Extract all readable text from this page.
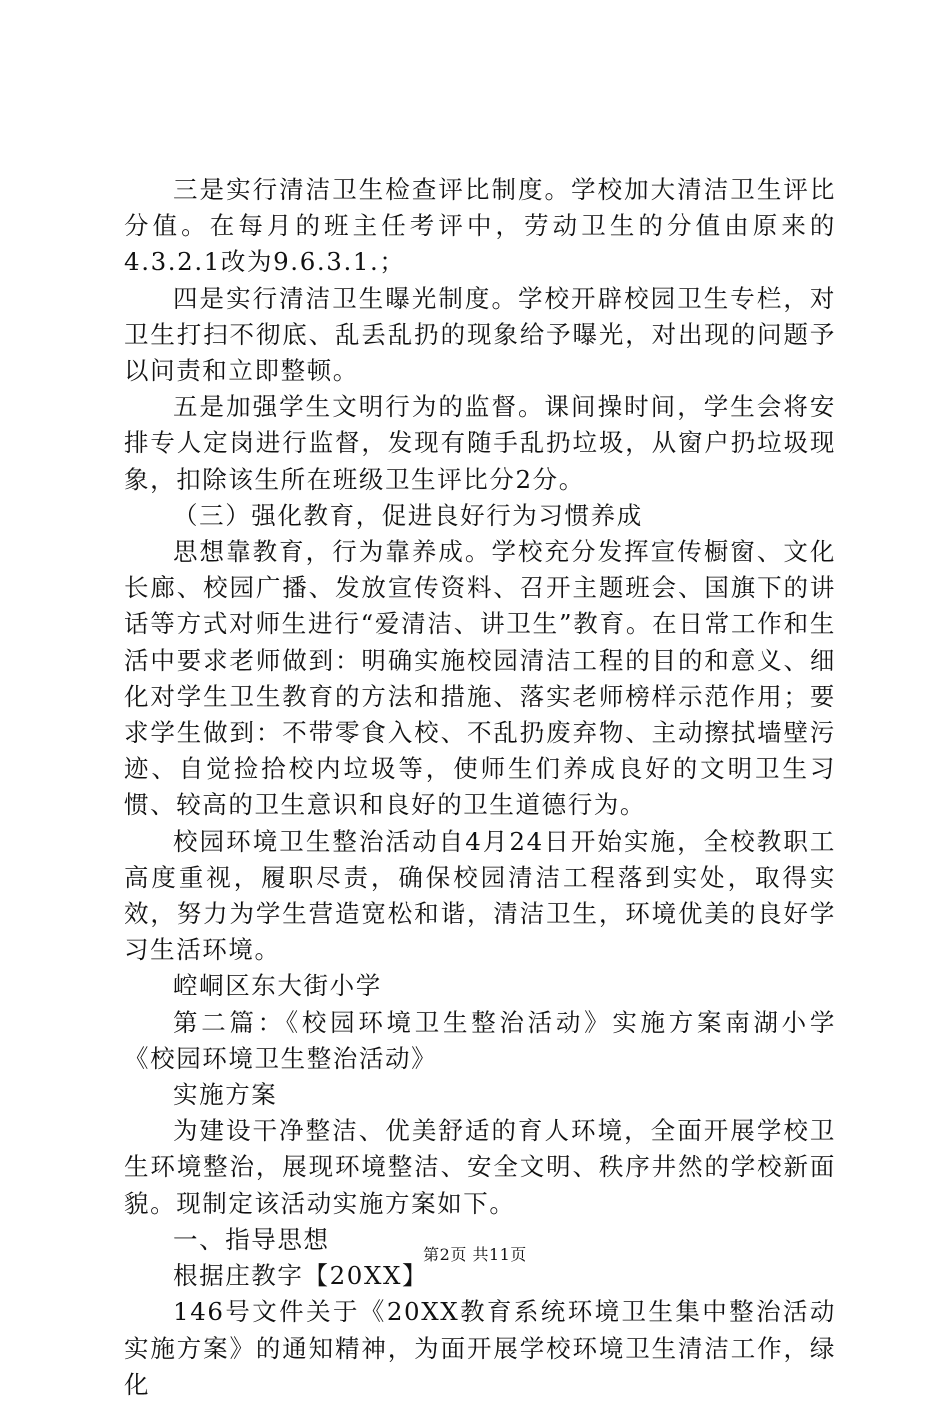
三是实行清洁卫生检查评比制度。学校加大清洁卫生评比分值。在每月的班主任考评中，劳动卫生的分值由原来的4.3.2.1改为9.6.3.1.；

四是实行清洁卫生曝光制度。学校开辟校园卫生专栏，对卫生打扫不彻底、乱丢乱扔的现象给予曝光，对出现的问题予以问责和立即整顿。

五是加强学生文明行为的监督。课间操时间，学生会将安排专人定岗进行监督，发现有随手乱扔垃圾，从窗户扔垃圾现象，扣除该生所在班级卫生评比分2分。

（三）强化教育，促进良好行为习惯养成

思想靠教育，行为靠养成。学校充分发挥宣传橱窗、文化长廊、校园广播、发放宣传资料、召开主题班会、国旗下的讲话等方式对师生进行“爱清洁、讲卫生”教育。在日常工作和生活中要求老师做到：明确实施校园清洁工程的目的和意义、细化对学生卫生教育的方法和措施、落实老师榜样示范作用；要求学生做到：不带零食入校、不乱扔废弃物、主动擦拭墙壁污迹、自觉捡拾校内垃圾等，使师生们养成良好的文明卫生习惯、较高的卫生意识和良好的卫生道德行为。

校园环境卫生整治活动自4月24日开始实施，全校教职工高度重视，履职尽责，确保校园清洁工程落到实处，取得实效，努力为学生营造宽松和谐，清洁卫生，环境优美的良好学习生活环境。

崆峒区东大街小学

第二篇：《校园环境卫生整治活动》实施方案南湖小学《校园环境卫生整治活动》

实施方案

为建设干净整洁、优美舒适的育人环境，全面开展学校卫生环境整治，展现环境整洁、安全文明、秩序井然的学校新面貌。现制定该活动实施方案如下。

一、指导思想

根据庄教字【20XX】

146号文件关于《20XX教育系统环境卫生集中整治活动实施方案》的通知精神，为面开展学校环境卫生清洁工作，绿化

第2页 共11页
